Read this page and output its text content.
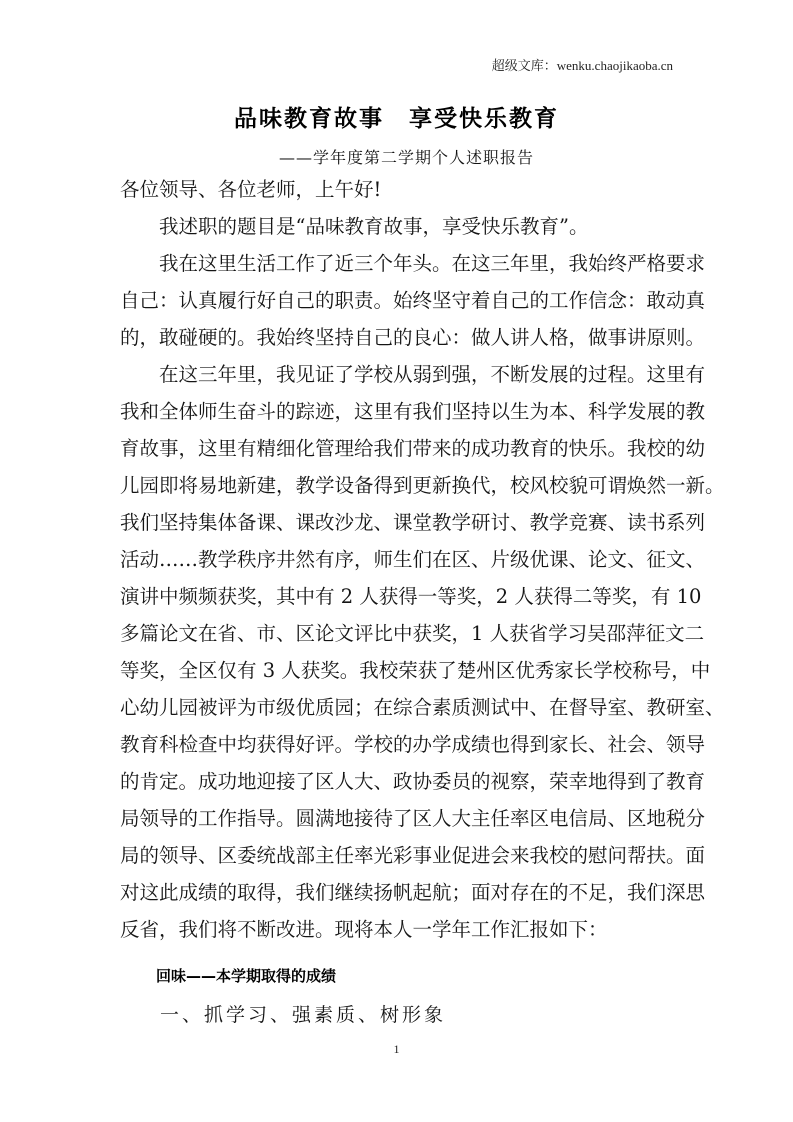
超级文库：wenku.chaojikaoba.cn
品味教育故事　享受快乐教育
——学年度第二学期个人述职报告
各位领导、各位老师，上午好!
我述职的题目是“品味教育故事，享受快乐教育”。
我在这里生活工作了近三个年头。在这三年里，我始终严格要求
自己：认真履行好自己的职责。始终坚守着自己的工作信念：敢动真
的，敢碰硬的。我始终坚持自己的良心：做人讲人格，做事讲原则。
在这三年里，我见证了学校从弱到强，不断发展的过程。这里有
我和全体师生奋斗的踪迹，这里有我们坚持以生为本、科学发展的教
育故事，这里有精细化管理给我们带来的成功教育的快乐。我校的幼
儿园即将易地新建，教学设备得到更新换代，校风校貌可谓焕然一新。
我们坚持集体备课、课改沙龙、课堂教学研讨、教学竞赛、读书系列
活动……教学秩序井然有序，师生们在区、片级优课、论文、征文、
演讲中频频获奖，其中有 2 人获得一等奖，2 人获得二等奖，有 10
多篇论文在省、市、区论文评比中获奖，1 人获省学习吴邵萍征文二
等奖，全区仅有 3 人获奖。我校荣获了楚州区优秀家长学校称号，中
心幼儿园被评为市级优质园；在综合素质测试中、在督导室、教研室、
教育科检查中均获得好评。学校的办学成绩也得到家长、社会、领导
的肯定。成功地迎接了区人大、政协委员的视察，荣幸地得到了教育
局领导的工作指导。圆满地接待了区人大主任率区电信局、区地税分
局的领导、区委统战部主任率光彩事业促进会来我校的慰问帮扶。面
对这此成绩的取得，我们继续扬帆起航；面对存在的不足，我们深思
反省，我们将不断改进。现将本人一学年工作汇报如下：
回味——本学期取得的成绩
一、抓学习、强素质、树形象
1
